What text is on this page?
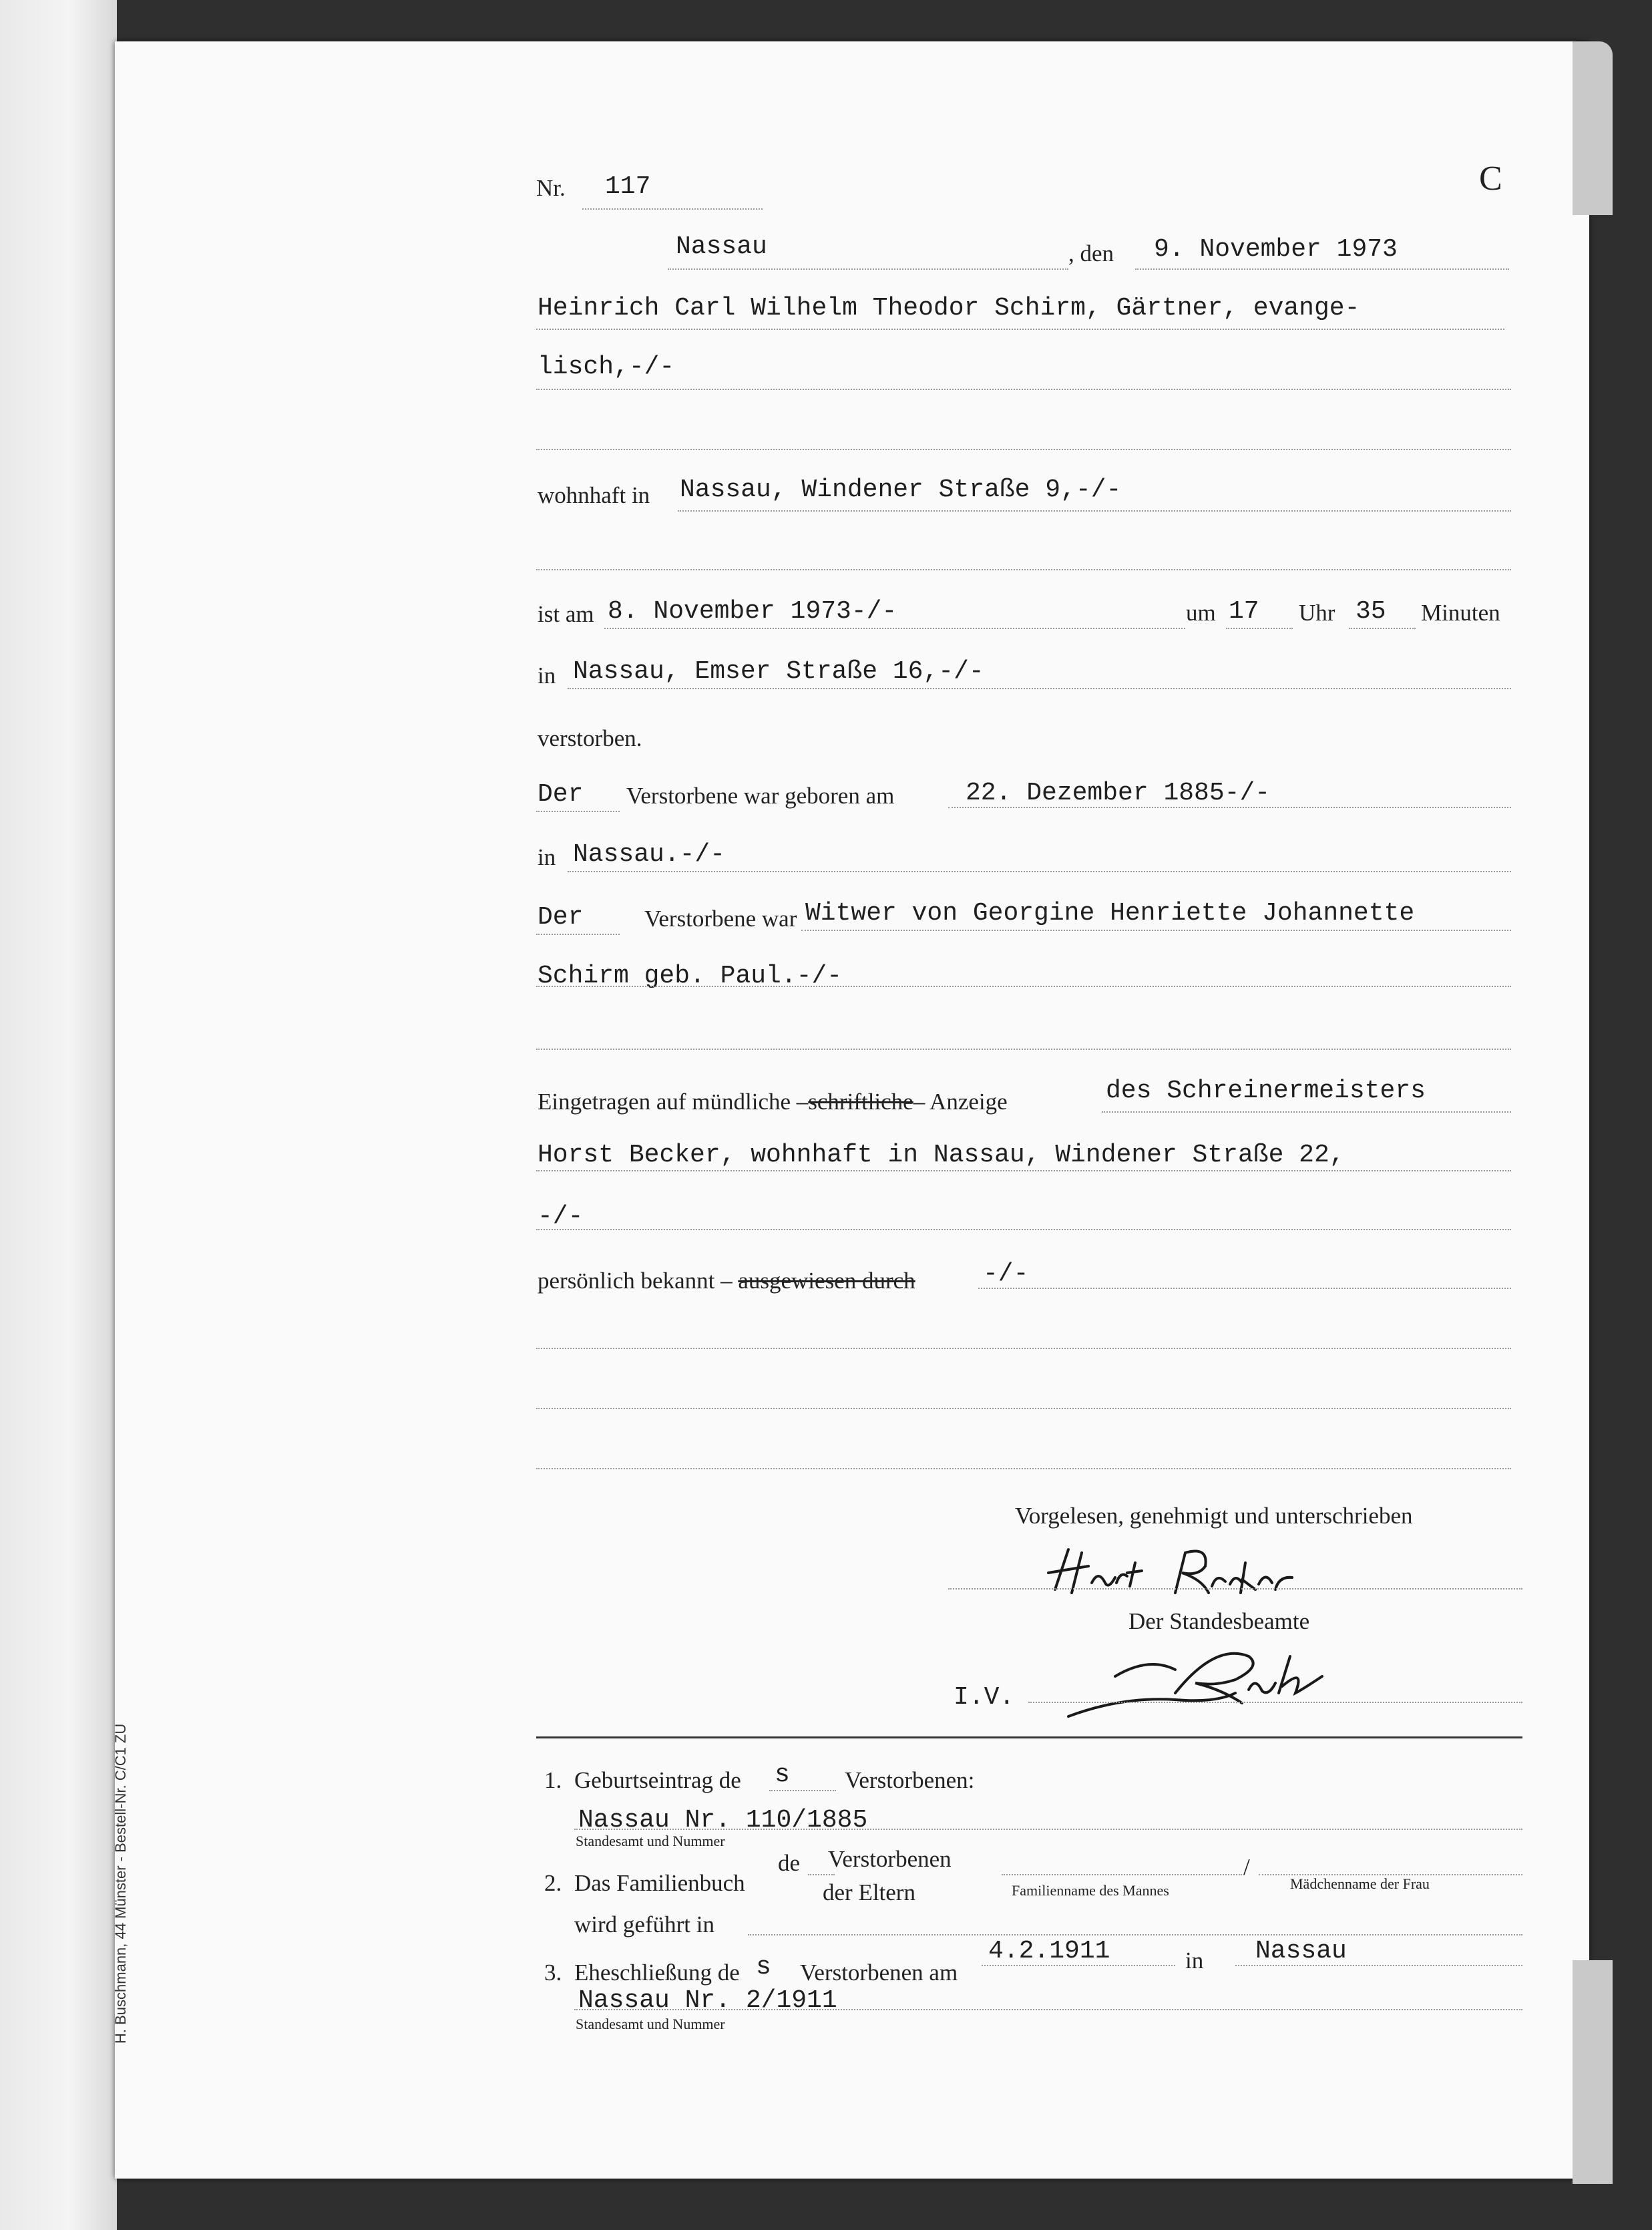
Nr. 117	C
Nassau	, den 9. November 1973
Heinrich Carl Wilhelm Theodor Schirm, Gärtner, evange-
lisch,-/-
wohnhaft in Nassau, Windener Straße 9,-/-
ist am 8. November 1973-/-	um 17 Uhr 35 Minuten
in Nassau, Emser Straße 16,-/-
verstorben.
Der Verstorbene war geboren am	22. Dezember 1885-/-
in Nassau.-/-
Der	Verstorbene war Witwer von Georgine Henriette Johannette
Schirm geb. Paul.-/-
Eingetragen auf mündliche –schriftliche– Anzeige	des Schreinermeisters
Horst Becker, wohnhaft in Nassau, Windener Straße 22,
-/-
persönlich bekannt – ausgewiesen durch	-/-
Vorgelesen, genehmigt und unterschrieben
Der Standesbeamte
I.V.
1. Geburtseintrag de s Verstorbenen:
Nassau Nr. 110/1885
Standesamt und Nummer
2. Das Familienbuch
de Verstorbenen
der Eltern
/
Familienname des Mannes	Mädchenname der Frau
wird geführt in
3. Eheschließung de s Verstorbenen am
4.2.1911	in Nassau
Nassau Nr. 2/1911
Standesamt und Nummer
H. Buschmann, 44 Münster - Bestell-Nr. C/C1 ZU
